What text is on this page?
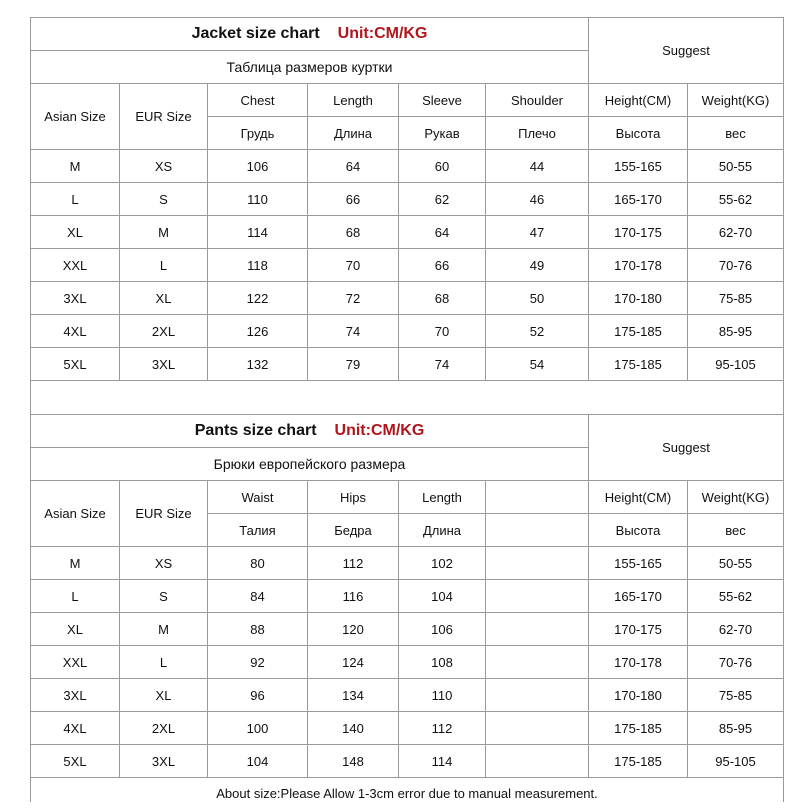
Jacket size chart Unit:CM/KG						Suggest	
Таблица размеров куртки							
Asian Size	EUR Size	Chest	Length	Sleeve	Shoulder	Height(CM)	Weight(KG)
		Грудь	Длина	Рукав	Плечо	Высота	вес
M	XS	106	64	60	44	155-165	50-55
L	S	110	66	62	46	165-170	55-62
XL	M	114	68	64	47	170-175	62-70
XXL	L	118	70	66	49	170-178	70-76
3XL	XL	122	72	68	50	170-180	75-85
4XL	2XL	126	74	70	52	175-185	85-95
5XL	3XL	132	79	74	54	175-185	95-105
Pants size chart Unit:CM/KG						Suggest	
Брюки европейского размера							
Asian Size	EUR Size	Waist	Hips	Length		Height(CM)	Weight(KG)
		Талия	Бедра	Длина		Высота	вес
M	XS	80	112	102		155-165	50-55
L	S	84	116	104		165-170	55-62
XL	M	88	120	106		170-175	62-70
XXL	L	92	124	108		170-178	70-76
3XL	XL	96	134	110		170-180	75-85
4XL	2XL	100	140	112		175-185	85-95
5XL	3XL	104	148	114		175-185	95-105
About size:Please Allow 1-3cm error due to manual measurement.
